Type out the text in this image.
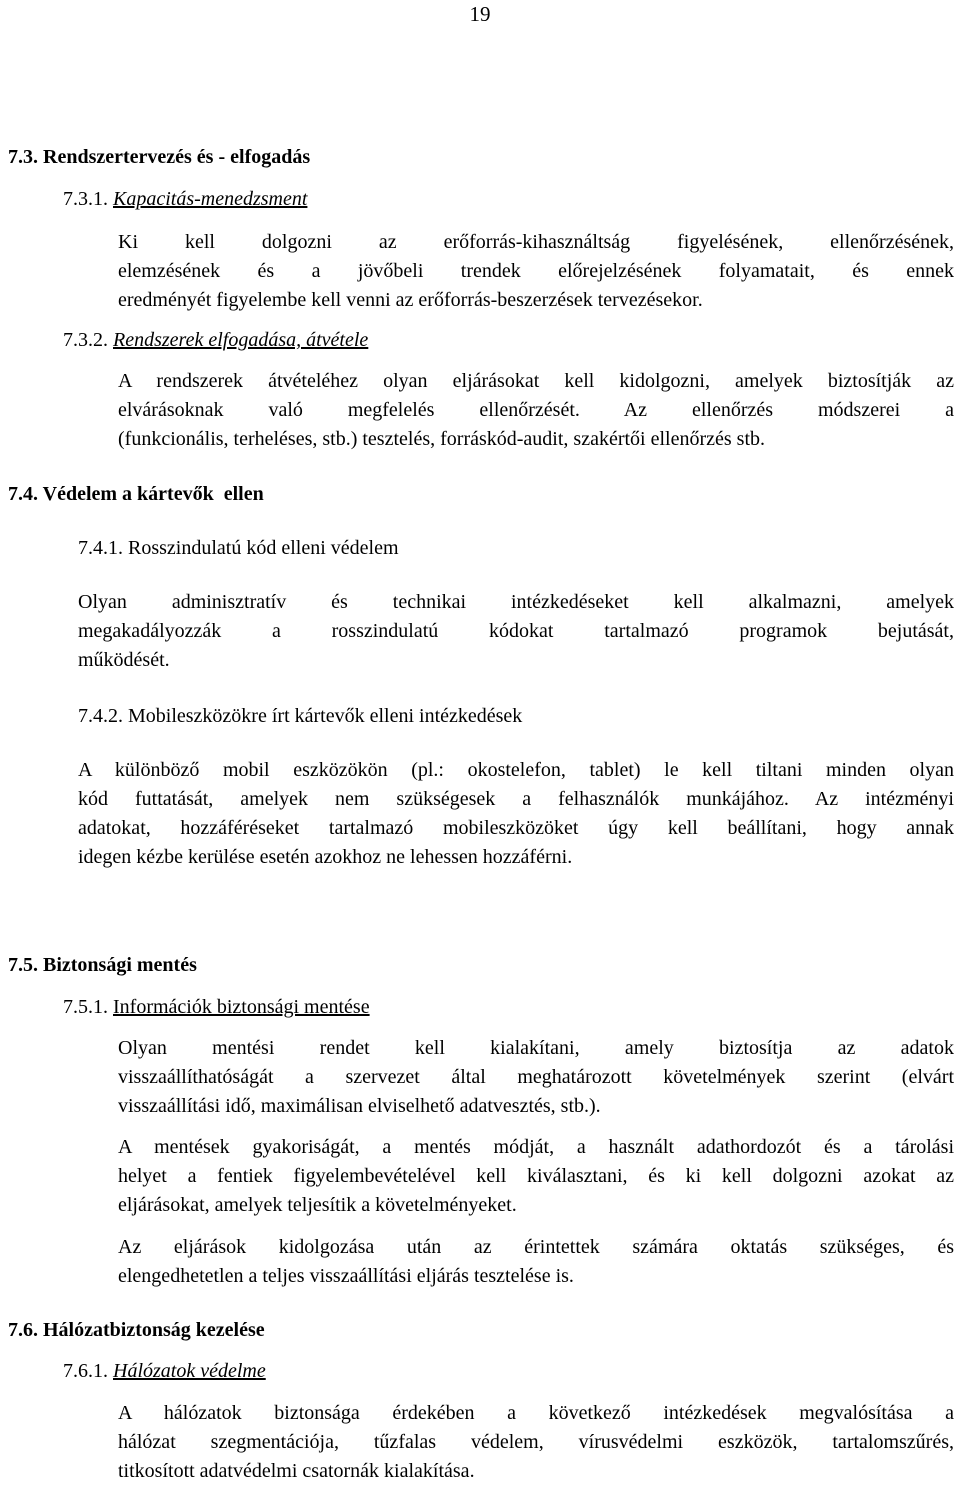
19
7.3. Rendszertervezés és - elfogadás
7.3.1. Kapacitás-menedzsment
Ki kell dolgozni az erőforrás-kihasználtság figyelésének, ellenőrzésének,
elemzésének és a jövőbeli trendek előrejelzésének folyamatait, és ennek
eredményét figyelembe kell venni az erőforrás-beszerzések tervezésekor.
7.3.2. Rendszerek elfogadása, átvétele
A rendszerek átvételéhez olyan eljárásokat kell kidolgozni, amelyek biztosítják az
elvárásoknak való megfelelés ellenőrzését. Az ellenőrzés módszerei a
(funkcionális, terheléses, stb.) tesztelés, forráskód-audit, szakértői ellenőrzés stb.
7.4. Védelem a kártevők  ellen
7.4.1. Rosszindulatú kód elleni védelem
Olyan adminisztratív és technikai intézkedéseket kell alkalmazni, amelyek
megakadályozzák a rosszindulatú kódokat tartalmazó programok bejutását,
működését.
7.4.2. Mobileszközökre írt kártevők elleni intézkedések
A különböző mobil eszközökön (pl.: okostelefon, tablet) le kell tiltani minden olyan
kód futtatását, amelyek nem szükségesek a felhasználók munkájához. Az intézményi
adatokat, hozzáféréseket tartalmazó mobileszközöket úgy kell beállítani, hogy annak
idegen kézbe kerülése esetén azokhoz ne lehessen hozzáférni.
7.5. Biztonsági mentés
7.5.1. Információk biztonsági mentése
Olyan mentési rendet kell kialakítani, amely biztosítja az adatok
visszaállíthatóságát a szervezet által meghatározott követelmények szerint (elvárt
visszaállítási idő, maximálisan elviselhető adatvesztés, stb.).
A mentések gyakoriságát, a mentés módját, a használt adathordozót és a tárolási
helyet a fentiek figyelembevételével kell kiválasztani, és ki kell dolgozni azokat az
eljárásokat, amelyek teljesítik a követelményeket.
Az eljárások kidolgozása után az érintettek számára oktatás szükséges, és
elengedhetetlen a teljes visszaállítási eljárás tesztelése is.
7.6. Hálózatbiztonság kezelése
7.6.1. Hálózatok védelme
A hálózatok biztonsága érdekében a következő intézkedések megvalósítása a
hálózat szegmentációja, tűzfalas védelem, vírusvédelmi eszközök, tartalomszűrés,
titkosított adatvédelmi csatornák kialakítása.
